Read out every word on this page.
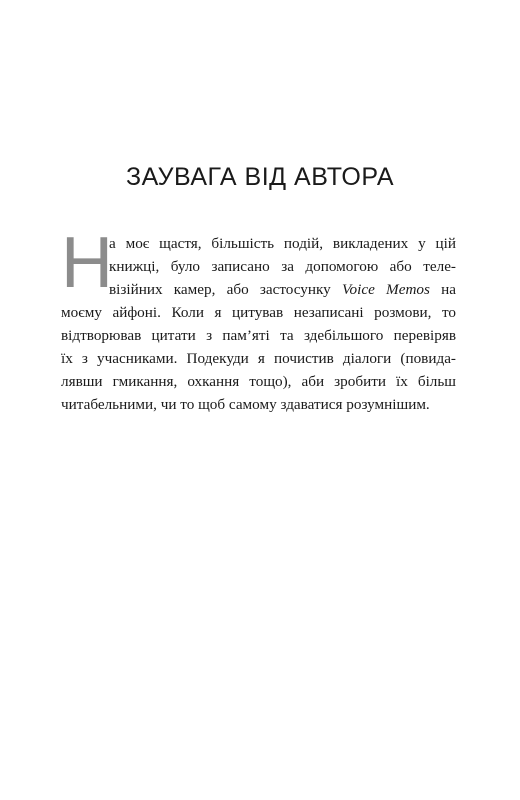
ЗАУВАГА ВІД АВТОРА
Н
а моє щастя, більшість подій, викладених у цій
книжці, було записано за допомогою або теле-
візійних камер, або застосунку Voice Memos на
моєму айфоні. Коли я цитував незаписані розмови, то
відтворював цитати з пам’яті та здебільшого перевіряв
їх з учасниками. Подекуди я почистив діалоги (повида-
лявши гмикання, охкання тощо), аби зробити їх більш
читабельними, чи то щоб самому здаватися розумнішим.
